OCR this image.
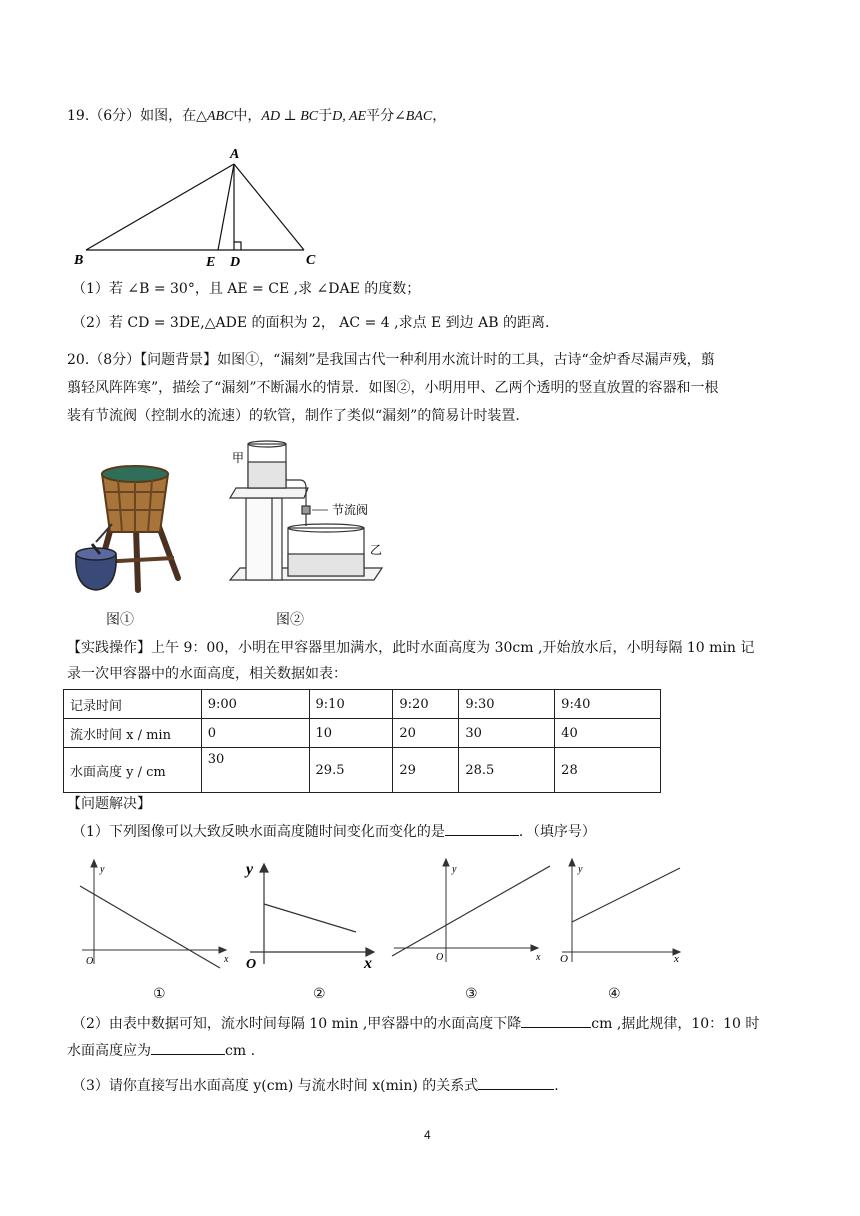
19.（6分）如图，在△ABC中，AD ⊥ BC于D, AE平分∠BAC，
A
B	C
D
E
（1）若 ∠B = 30°，且 AE = CE ,求 ∠DAE 的度数；
（2）若 CD = 3DE,△ADE 的面积为 2， AC = 4 ,求点 E 到边 AB 的距离.
20.（8分）【问题背景】如图①，“漏刻”是我国古代一种利用水流计时的工具，古诗“金炉香尽漏声残，翦
翦轻风阵阵寒”，描绘了“漏刻”不断漏水的情景．如图②，小明用甲、乙两个透明的竖直放置的容器和一根
装有节流阀（控制水的流速）的软管，制作了类似“漏刻”的简易计时装置．
甲
节流阀
乙
图①	图②
【实践操作】上午 9：00，小明在甲容器里加满水，此时水面高度为 30cm ,开始放水后，小明每隔 10 min 记
录一次甲容器中的水面高度，相关数据如表：
记录时间	9:00	9:10	9:20	9:30	9:40
流水时间 x / min	0	10	20	30	40
水面高度 y / cm	30	29.5	29	28.5	28
【问题解决】
（1）下列图像可以大致反映水面高度随时间变化而变化的是	．（填序号）
y
x
O
y
x
O
y
x
O
y
x
O
①	②	③	④
（2）由表中数据可知，流水时间每隔 10 min ,甲容器中的水面高度下降	cm ,据此规律，10：10 时
水面高度应为	cm .
（3）请你直接写出水面高度 y(cm) 与流水时间 x(min) 的关系式	.
4
